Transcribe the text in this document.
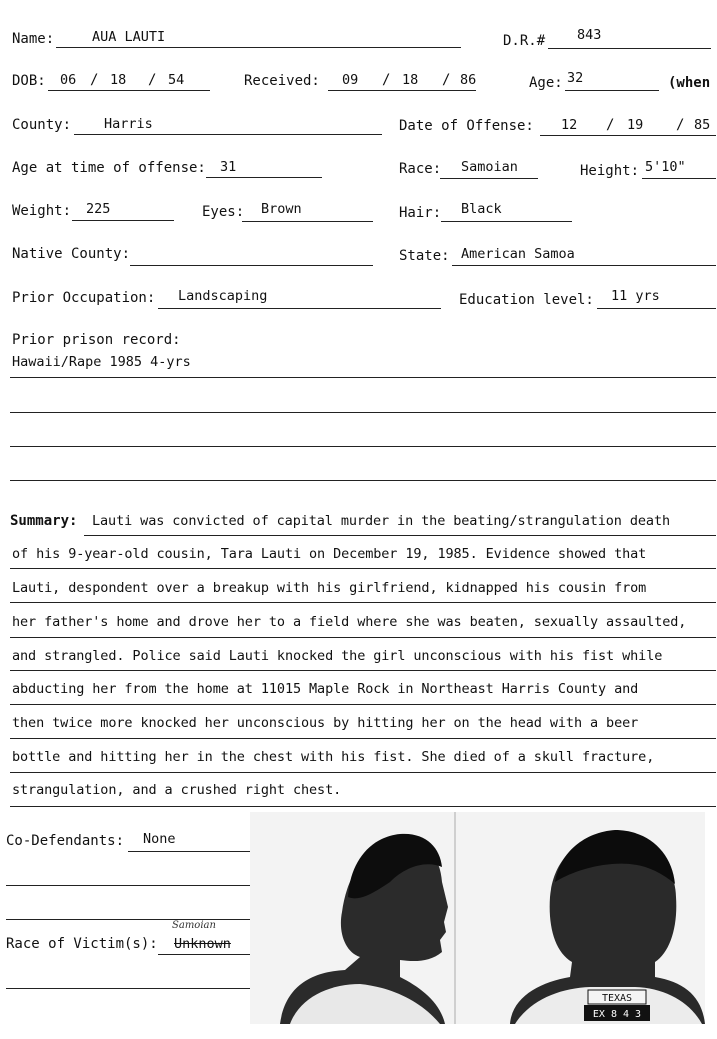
Name:	AUA LAUTI	D.R.# 843
DOB: 06 / 18 / 54	Received: 09 / 18 / 86	Age: 32	(when
County: Harris	Date of Offense: 12 / 19 / 85
Age at time of offense: 31	Race: Samoian	Height: 5'10"
Weight: 225	Eyes: Brown	Hair: Black
Native County:	State: American Samoa
Prior Occupation: Landscaping	Education level: 11 yrs
Prior prison record:
Hawaii/Rape 1985 4-yrs
Summary: Lauti was convicted of capital murder in the beating/strangulation death
of his 9-year-old cousin, Tara Lauti on December 19, 1985. Evidence showed that
Lauti, despondent over a breakup with his girlfriend, kidnapped his cousin from
her father's home and drove her to a field where she was beaten, sexually assaulted,
and strangled. Police said Lauti knocked the girl unconscious with his fist while
abducting her from the home at 11015 Maple Rock in Northeast Harris County and
then twice more knocked her unconscious by hitting her on the head with a beer
bottle and hitting her in the chest with his fist. She died of a skull fracture,
strangulation, and a crushed right chest.
Co-Defendants: None
Race of Victim(s):
Samoian
Unknown
TEXAS
EX 8 4 3
